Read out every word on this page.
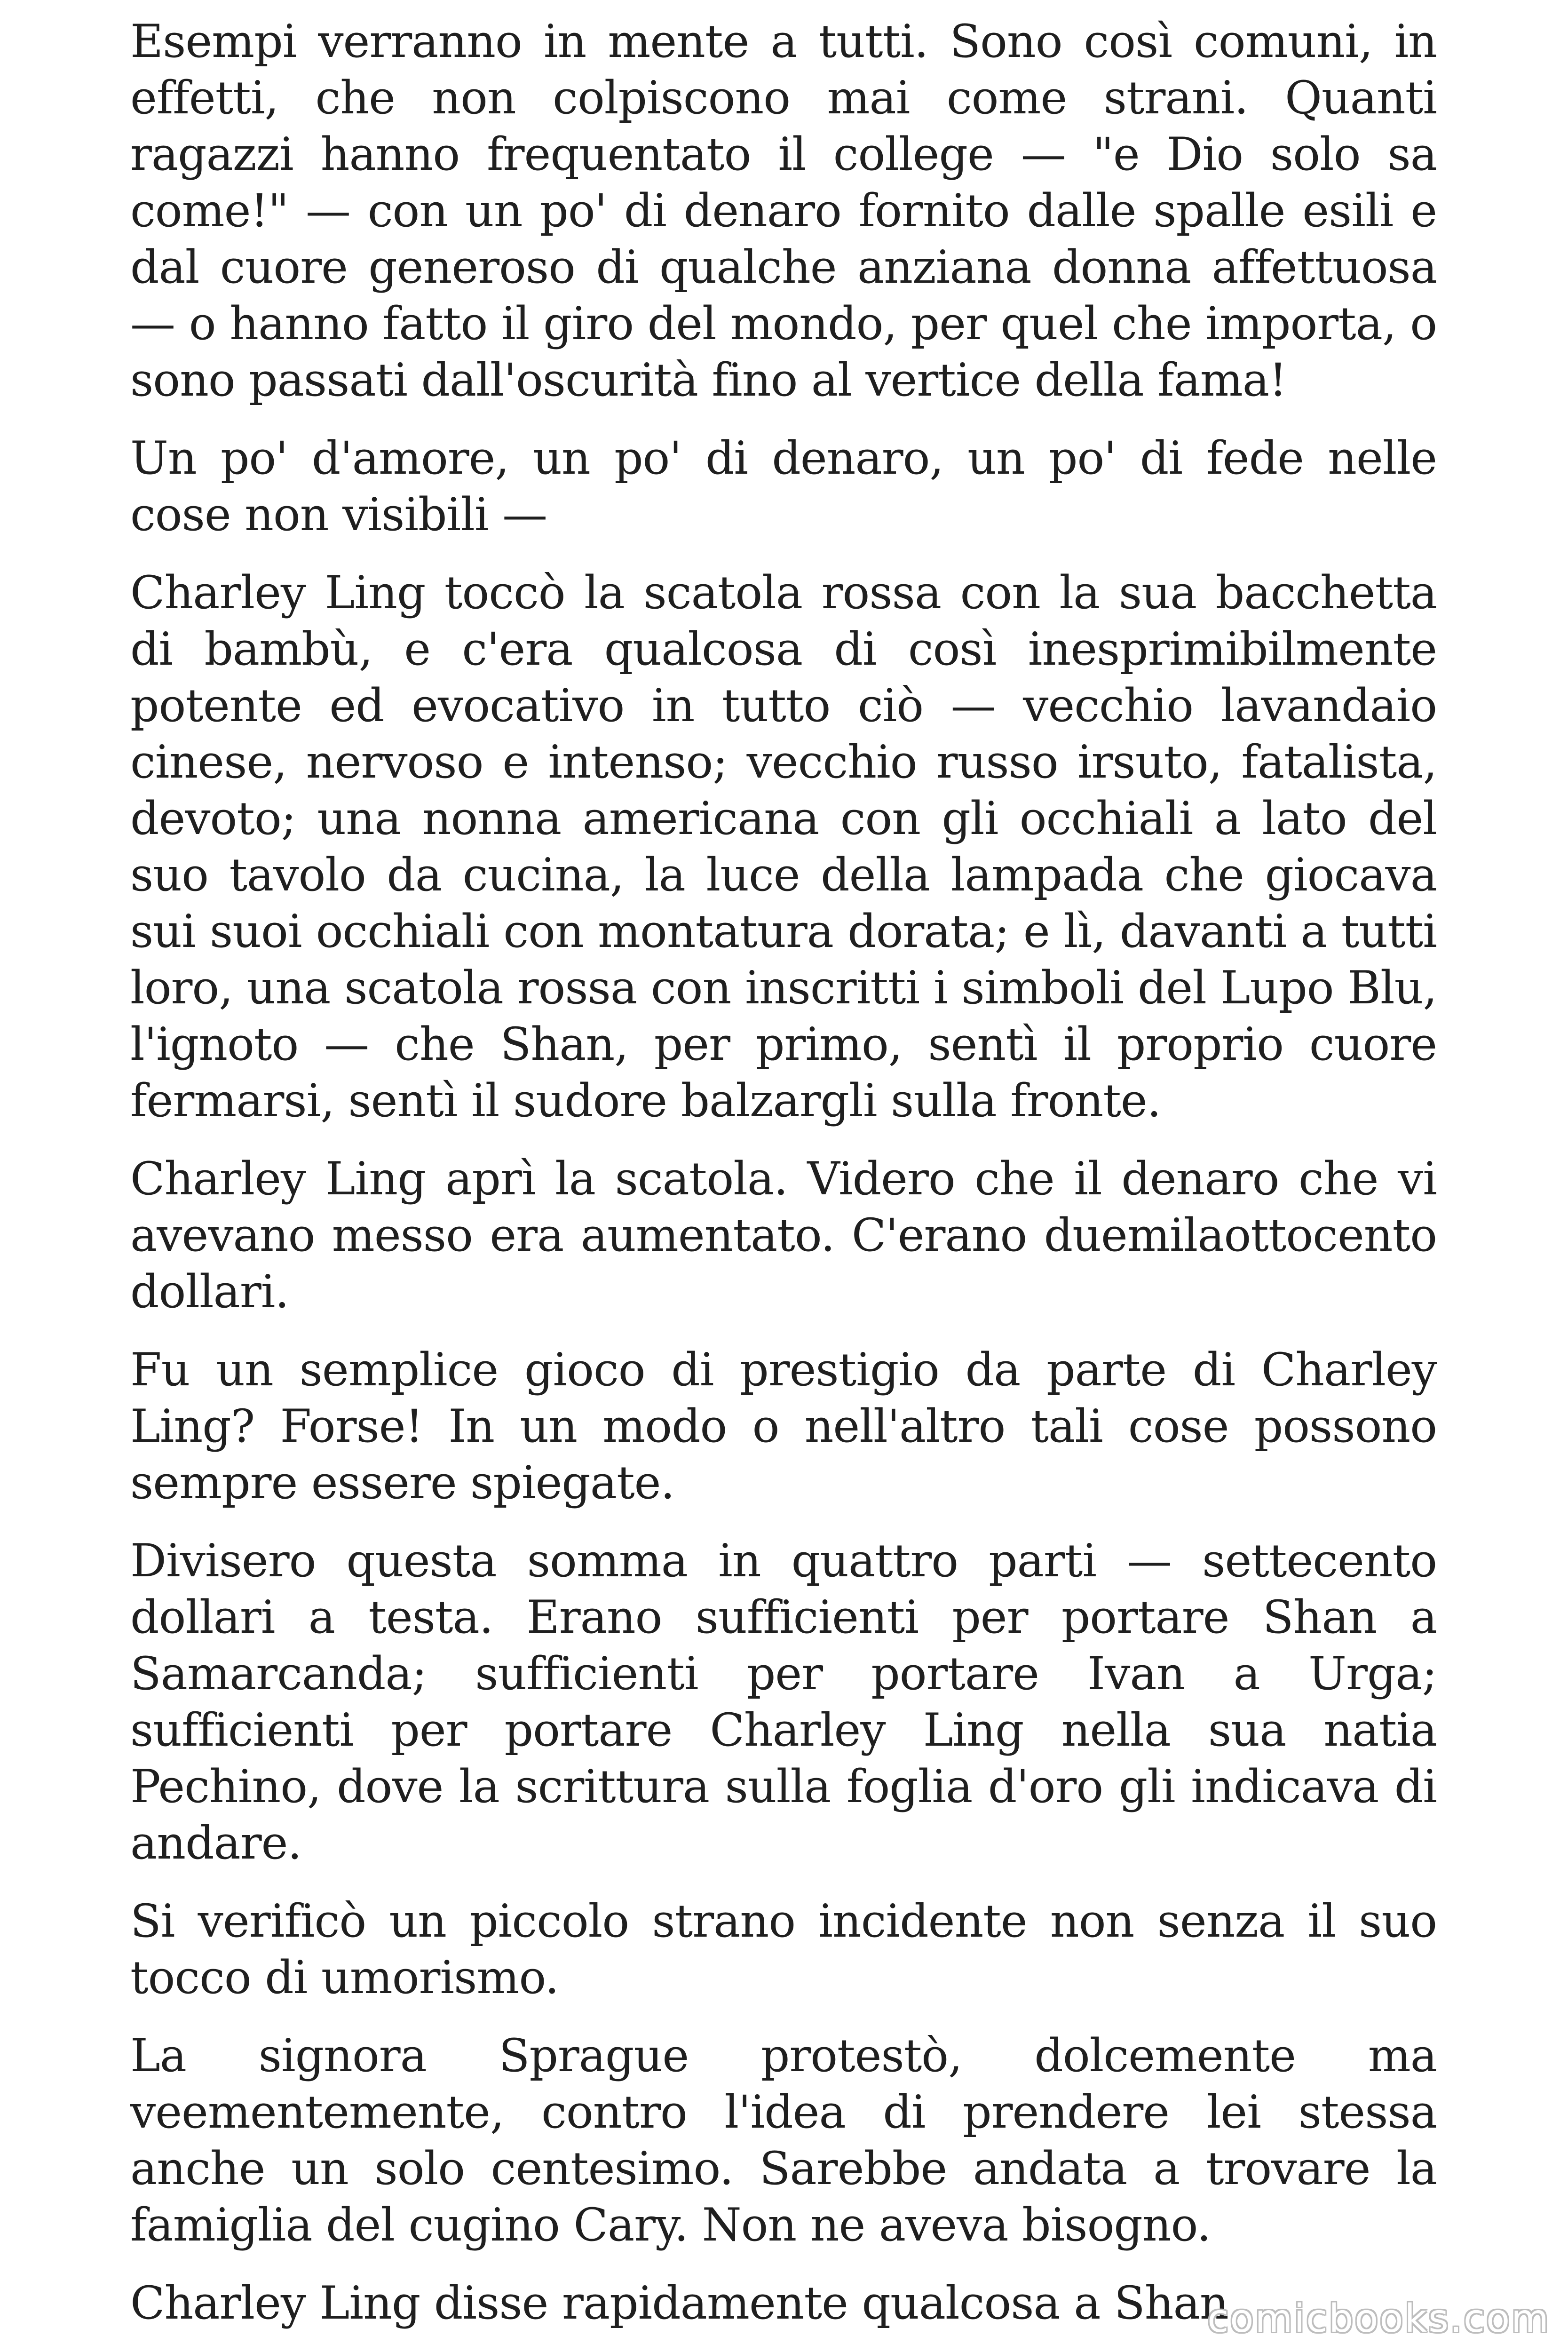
Esempi verranno in mente a tutti. Sono così comuni, in effetti, che non colpiscono mai come strani. Quanti ragazzi hanno frequentato il college — "e Dio solo sa come!" — con un po' di denaro fornito dalle spalle esili e dal cuore generoso di qualche anziana donna affettuosa — o hanno fatto il giro del mondo, per quel che importa, o sono passati dall'oscurità fino al vertice della fama!

Un po' d'amore, un po' di denaro, un po' di fede nelle cose non visibili —

Charley Ling toccò la scatola rossa con la sua bacchetta di bambù, e c'era qualcosa di così inesprimibilmente potente ed evocativo in tutto ciò — vecchio lavandaio cinese, nervoso e intenso; vecchio russo irsuto, fatalista, devoto; una nonna americana con gli occhiali a lato del suo tavolo da cucina, la luce della lampada che giocava sui suoi occhiali con montatura dorata; e lì, davanti a tutti loro, una scatola rossa con inscritti i simboli del Lupo Blu, l'ignoto — che Shan, per primo, sentì il proprio cuore fermarsi, sentì il sudore balzargli sulla fronte.

Charley Ling aprì la scatola. Videro che il denaro che vi avevano messo era aumentato. C'erano duemilaottocento dollari.

Fu un semplice gioco di prestigio da parte di Charley Ling? Forse! In un modo o nell'altro tali cose possono sempre essere spiegate.

Divisero questa somma in quattro parti — settecento dollari a testa. Erano sufficienti per portare Shan a Samarcanda; sufficienti per portare Ivan a Urga; sufficienti per portare Charley Ling nella sua natia Pechino, dove la scrittura sulla foglia d'oro gli indicava di andare.

Si verificò un piccolo strano incidente non senza il suo tocco di umorismo.

La signora Sprague protestò, dolcemente ma veementemente, contro l'idea di prendere lei stessa anche un solo centesimo. Sarebbe andata a trovare la famiglia del cugino Cary. Non ne aveva bisogno.

Charley Ling disse rapidamente qualcosa a Shan.

comicbooks.com
